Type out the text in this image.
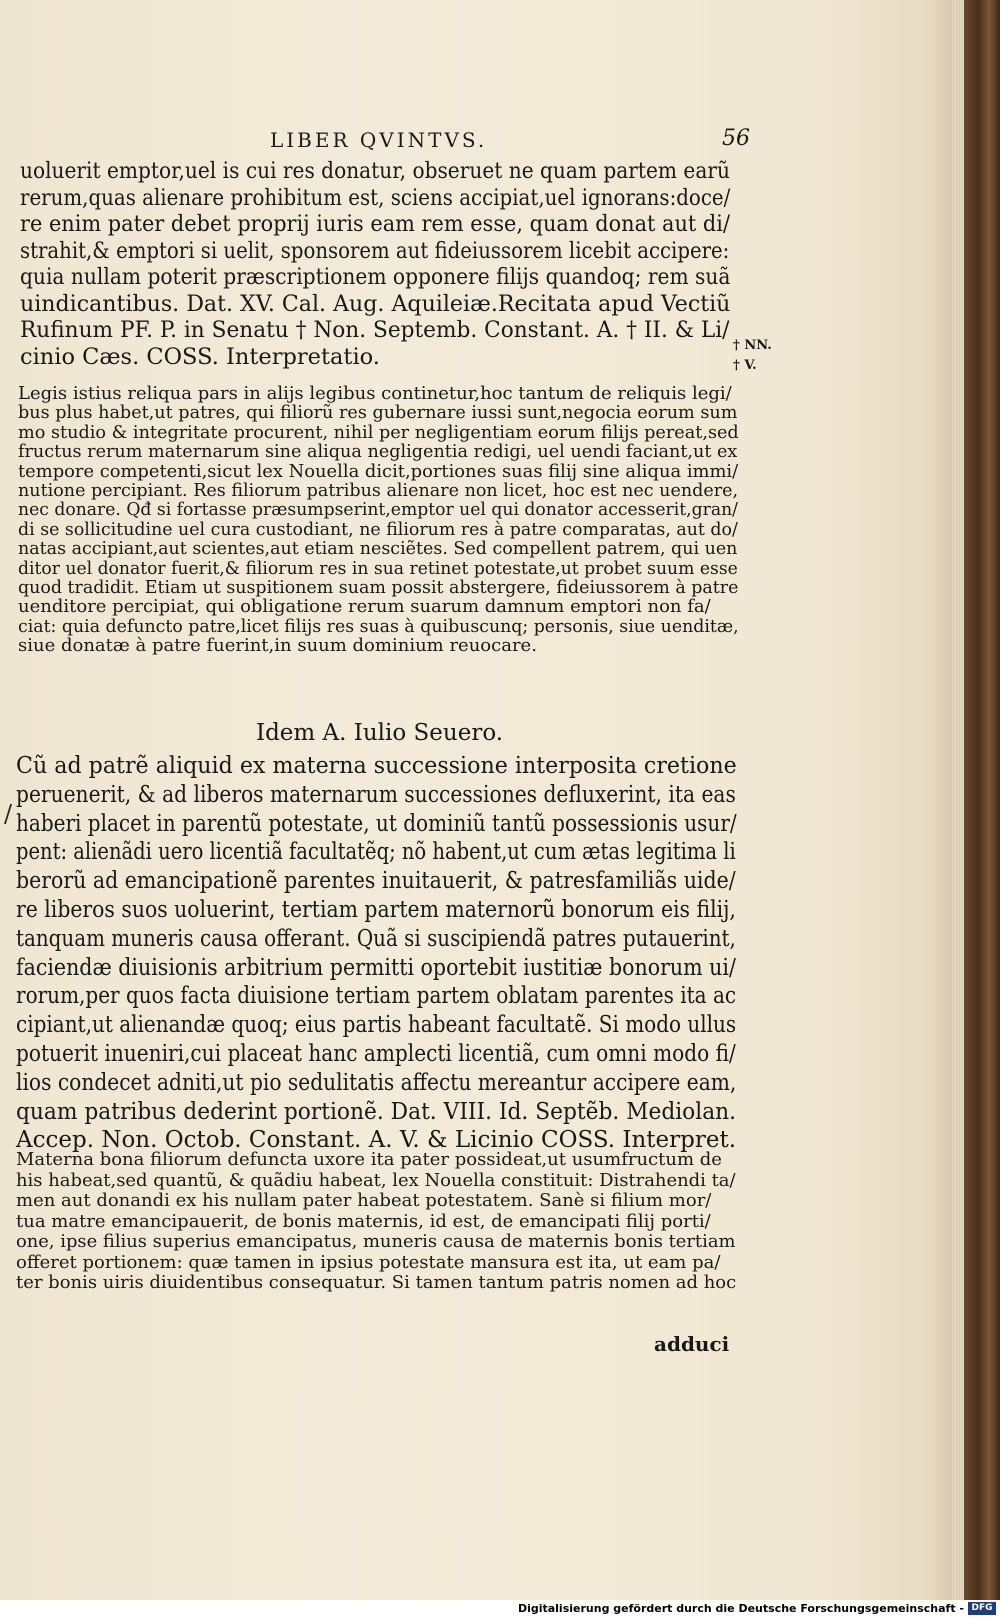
LIBER QVINTVS.	56
uoluerit emptor,uel is cui res donatur, obseruet ne quam partem earũ
rerum,quas alienare prohibitum est, sciens accipiat,uel ignorans:doce/
re enim pater debet proprij iuris eam rem esse, quam donat aut di/
strahit,& emptori si uelit, sponsorem aut fideiussorem licebit accipere:
quia nullam poterit præscriptionem opponere filijs quandoq; rem suã
uindicantibus. Dat. XV. Cal. Aug. Aquileiæ.Recitata apud Vectiũ
Rufinum PF. P. in Senatu † Non. Septemb. Constant. A. † II. & Li/
cinio Cæs. COSS. Interpretatio.	† NN.
† V.
Legis istius reliqua pars in alijs legibus continetur,hoc tantum de reliquis legi/
bus plus habet,ut patres, qui filiorũ res gubernare iussi sunt,negocia eorum sum
mo studio & integritate procurent, nihil per negligentiam eorum filijs pereat,sed
fructus rerum maternarum sine aliqua negligentia redigi, uel uendi faciant,ut ex
tempore competenti,sicut lex Nouella dicit,portiones suas filij sine aliqua immi/
nutione percipiant. Res filiorum patribus alienare non licet, hoc est nec uendere,
nec donare. Qđ si fortasse præsumpserint,emptor uel qui donator accesserit,gran/
di se sollicitudine uel cura custodiant, ne filiorum res à patre comparatas, aut do/
natas accipiant,aut scientes,aut etiam nesciẽtes. Sed compellent patrem, qui uen
ditor uel donator fuerit,& filiorum res in sua retinet potestate,ut probet suum esse
quod tradidit. Etiam ut suspitionem suam possit abstergere, fideiussorem à patre
uenditore percipiat, qui obligatione rerum suarum damnum emptori non fa/
ciat: quia defuncto patre,licet filijs res suas à quibuscunq; personis, siue uenditæ,
siue donatæ à patre fuerint,in suum dominium reuocare.
Idem A. Iulio Seuero.
/
Cũ ad patrẽ aliquid ex materna successione interposita cretione
peruenerit, & ad liberos maternarum successiones defluxerint, ita eas
haberi placet in parentũ potestate, ut dominiũ tantũ possessionis usur/
pent: alienãdi uero licentiã facultatẽq; nõ habent,ut cum ætas legitima li
berorũ ad emancipationẽ parentes inuitauerit, & patresfamiliãs uide/
re liberos suos uoluerint, tertiam partem maternorũ bonorum eis filij,
tanquam muneris causa offerant. Quã si suscipiendã patres putauerint,
faciendæ diuisionis arbitrium permitti oportebit iustitiæ bonorum ui/
rorum,per quos facta diuisione tertiam partem oblatam parentes ita ac
cipiant,ut alienandæ quoq; eius partis habeant facultatẽ. Si modo ullus
potuerit inueniri,cui placeat hanc amplecti licentiã, cum omni modo fi/
lios condecet adniti,ut pio sedulitatis affectu mereantur accipere eam,
quam patribus dederint portionẽ. Dat. VIII. Id. Septẽb. Mediolan.
Accep. Non. Octob. Constant. A. V. & Licinio COSS. Interpret.
Materna bona filiorum defuncta uxore ita pater possideat,ut usumfructum de
his habeat,sed quantũ, & quãdiu habeat, lex Nouella constituit: Distrahendi ta/
men aut donandi ex his nullam pater habeat potestatem. Sanè si filium mor/
tua matre emancipauerit, de bonis maternis, id est, de emancipati filij porti/
one, ipse filius superius emancipatus, muneris causa de maternis bonis tertiam
offeret portionem: quæ tamen in ipsius potestate mansura est ita, ut eam pa/
ter bonis uiris diuidentibus consequatur. Si tamen tantum patris nomen ad hoc
adduci
Digitalisierung gefördert durch die Deutsche Forschungsgemeinschaft - DFG
